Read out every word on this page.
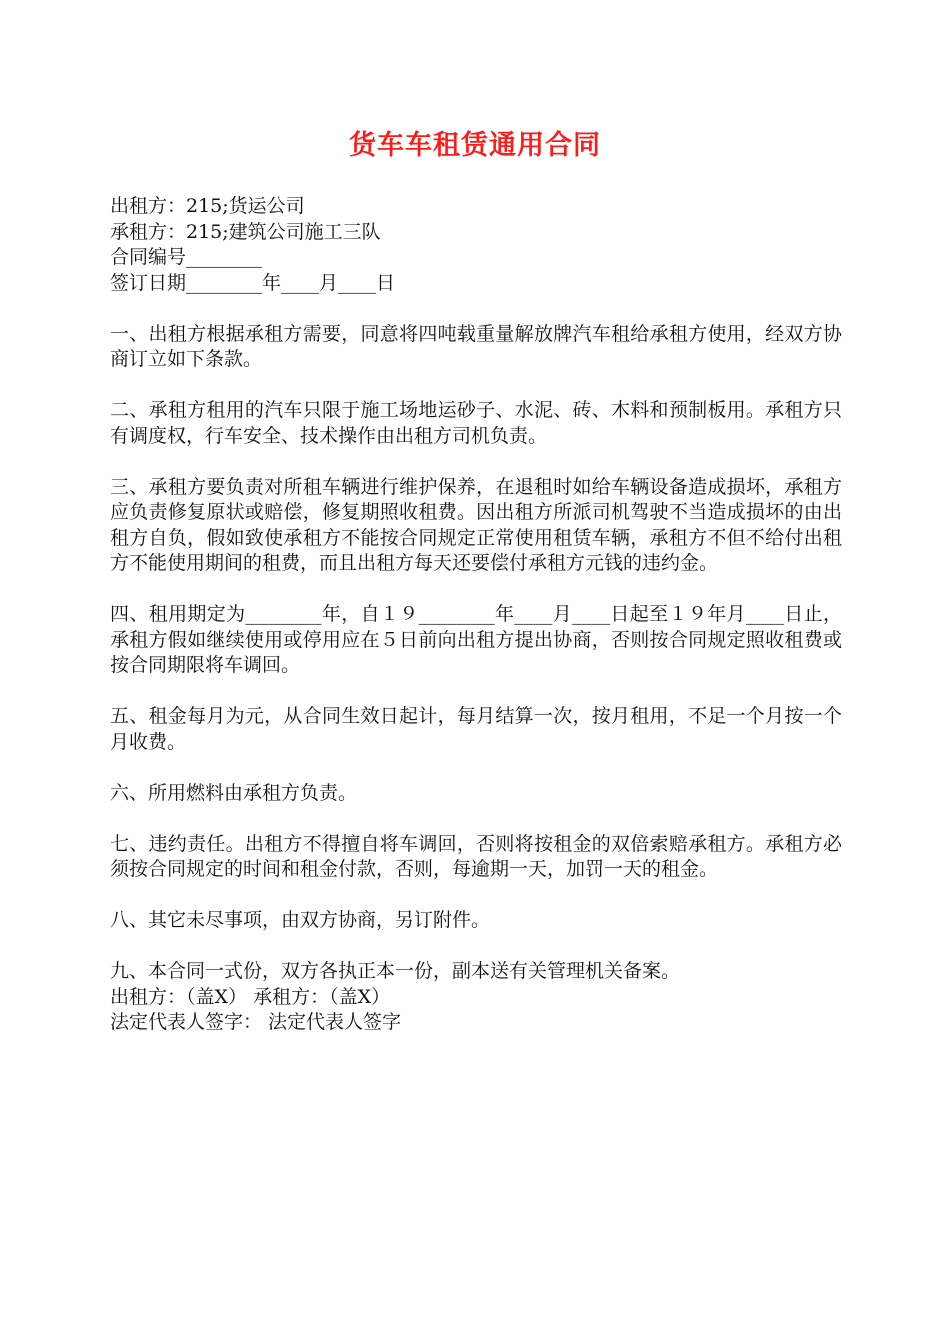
货车车租赁通用合同
出租方：215;货运公司
承租方：215;建筑公司施工三队
合同编号________
签订日期________年____月____日

一、出租方根据承租方需要，同意将四吨载重量解放牌汽车租给承租方使用，经双方协商订立如下条款。

二、承租方租用的汽车只限于施工场地运砂子、水泥、砖、木料和预制板用。承租方只有调度权，行车安全、技术操作由出租方司机负责。

三、承租方要负责对所租车辆进行维护保养，在退租时如给车辆设备造成损坏，承租方应负责修复原状或赔偿，修复期照收租费。因出租方所派司机驾驶不当造成损坏的由出租方自负，假如致使承租方不能按合同规定正常使用租赁车辆，承租方不但不给付出租方不能使用期间的租费，而且出租方每天还要偿付承租方元钱的违约金。

四、租用期定为________年，自１９________年____月____日起至１９年月____日止，承租方假如继续使用或停用应在５日前向出租方提出协商，否则按合同规定照收租费或按合同期限将车调回。

五、租金每月为元，从合同生效日起计，每月结算一次，按月租用，不足一个月按一个月收费。

六、所用燃料由承租方负责。

七、违约责任。出租方不得擅自将车调回，否则将按租金的双倍索赔承租方。承租方必须按合同规定的时间和租金付款，否则，每逾期一天，加罚一天的租金。

八、其它未尽事项，由双方协商，另订附件。

九、本合同一式份，双方各执正本一份，副本送有关管理机关备案。

出租方：（盖X） 承租方：（盖X）
法定代表人签字： 法定代表人签字
